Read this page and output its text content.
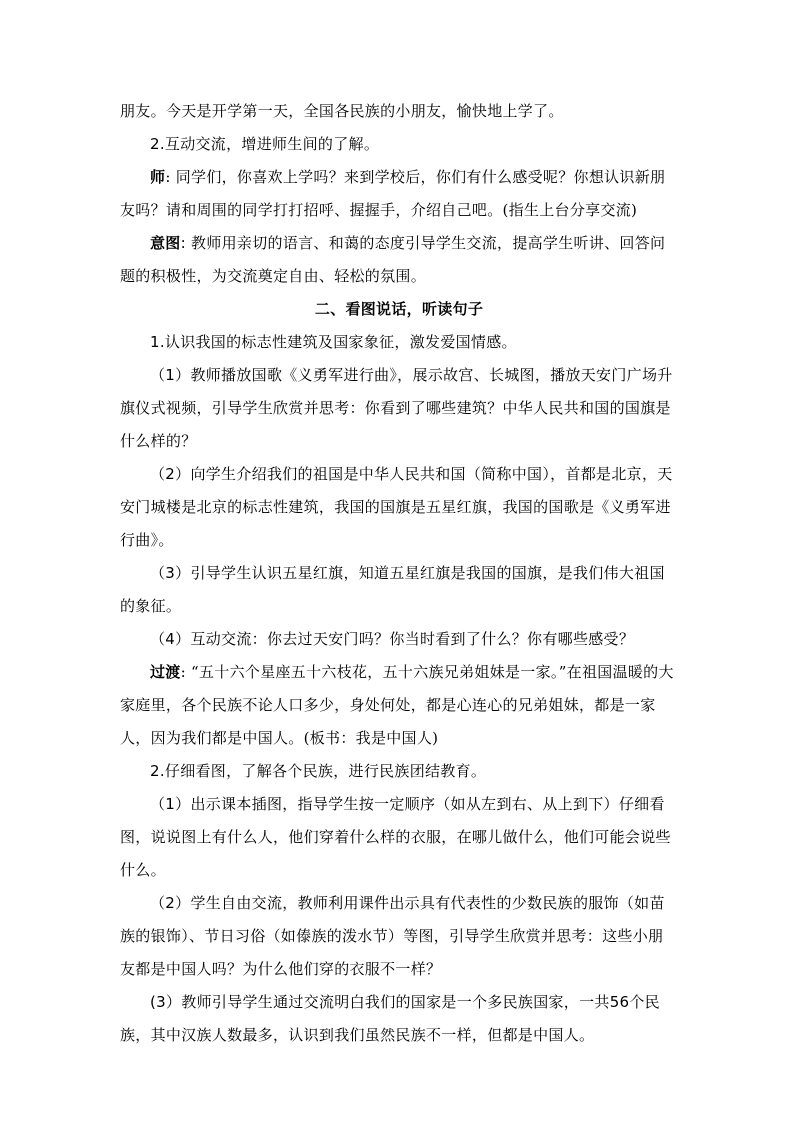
朋友。今天是开学第一天，全国各民族的小朋友，愉快地上学了。

2.互动交流，增进师生间的了解。

师: 同学们，你喜欢上学吗？来到学校后，你们有什么感受呢？你想认识新朋友吗？请和周围的同学打打招呼、握握手，介绍自己吧。(指生上台分享交流)

意图: 教师用亲切的语言、和蔼的态度引导学生交流，提高学生听讲、回答问题的积极性，为交流奠定自由、轻松的氛围。

二、看图说话，听读句子

1.认识我国的标志性建筑及国家象征，激发爱国情感。

（1）教师播放国歌《义勇军进行曲》，展示故宫、长城图，播放天安门广场升旗仪式视频，引导学生欣赏并思考：你看到了哪些建筑？中华人民共和国的国旗是什么样的？

（2）向学生介绍我们的祖国是中华人民共和国（简称中国），首都是北京，天安门城楼是北京的标志性建筑，我国的国旗是五星红旗，我国的国歌是《义勇军进行曲》。

（3）引导学生认识五星红旗，知道五星红旗是我国的国旗，是我们伟大祖国的象征。

（4）互动交流：你去过天安门吗？你当时看到了什么？你有哪些感受？

过渡: “五十六个星座五十六枝花，五十六族兄弟姐妹是一家。”在祖国温暖的大家庭里，各个民族不论人口多少，身处何处，都是心连心的兄弟姐妹，都是一家人，因为我们都是中国人。(板书：我是中国人)

2.仔细看图，了解各个民族，进行民族团结教育。

（1）出示课本插图，指导学生按一定顺序（如从左到右、从上到下）仔细看图，说说图上有什么人，他们穿着什么样的衣服，在哪儿做什么，他们可能会说些什么。

（2）学生自由交流，教师利用课件出示具有代表性的少数民族的服饰（如苗族的银饰）、节日习俗（如傣族的泼水节）等图，引导学生欣赏并思考：这些小朋友都是中国人吗？为什么他们穿的衣服不一样？

(3）教师引导学生通过交流明白我们的国家是一个多民族国家，一共56个民族，其中汉族人数最多，认识到我们虽然民族不一样，但都是中国人。
